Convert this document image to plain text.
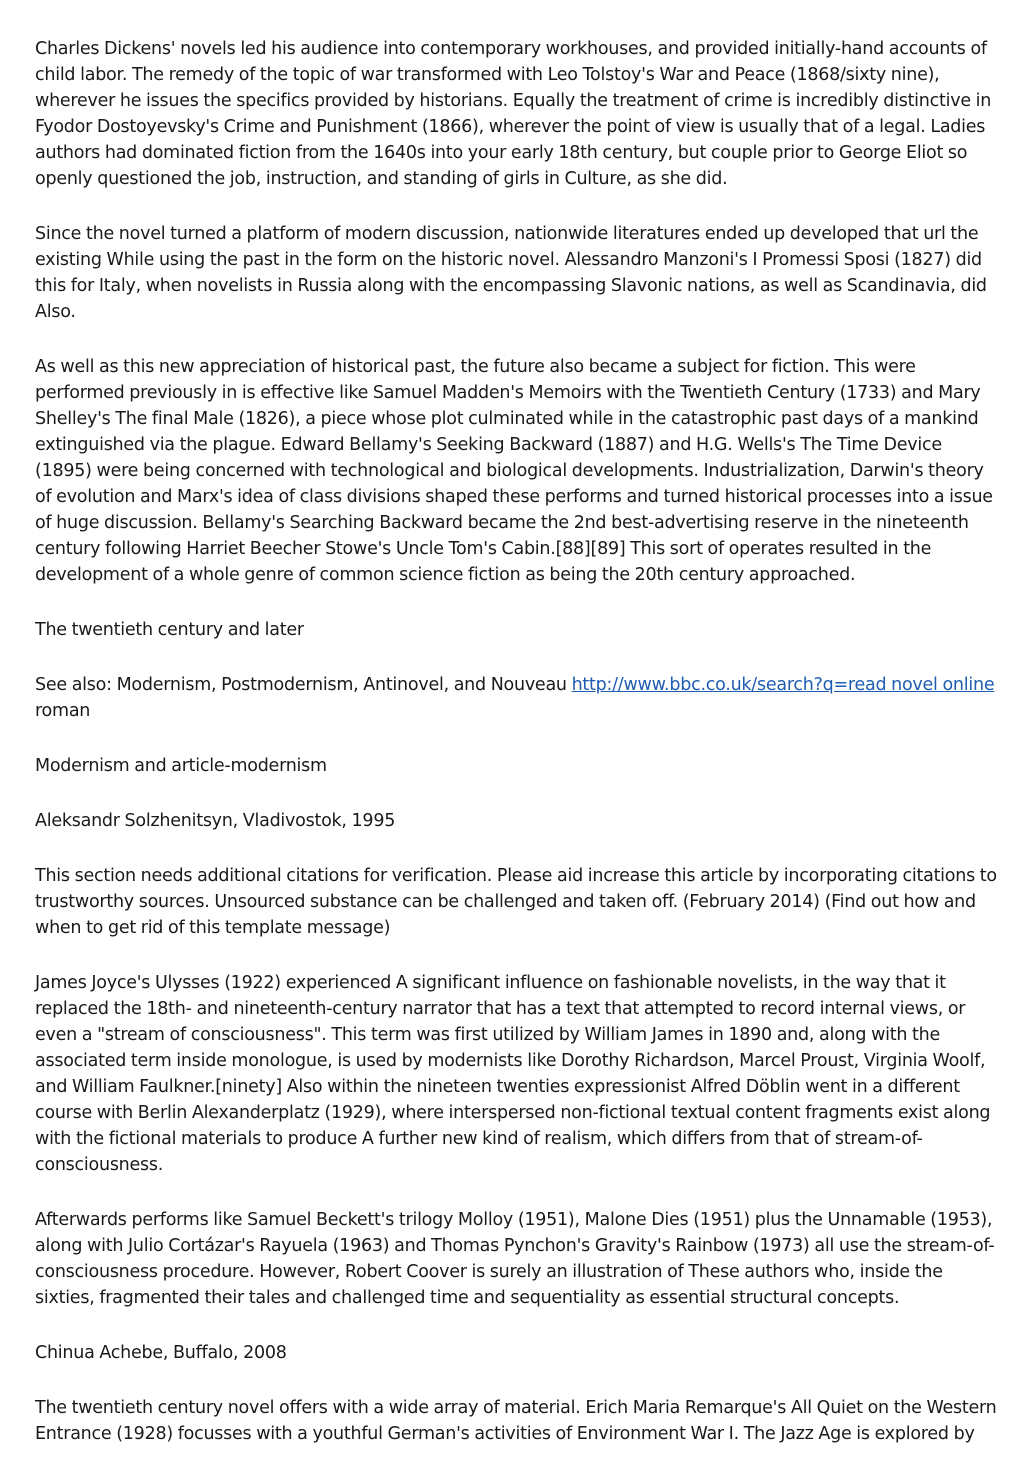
Charles Dickens' novels led his audience into contemporary workhouses, and provided initially-hand accounts of child labor. The remedy of the topic of war transformed with Leo Tolstoy's War and Peace (1868/sixty nine), wherever he issues the specifics provided by historians. Equally the treatment of crime is incredibly distinctive in Fyodor Dostoyevsky's Crime and Punishment (1866), wherever the point of view is usually that of a legal. Ladies authors had dominated fiction from the 1640s into your early 18th century, but couple prior to George Eliot so openly questioned the job, instruction, and standing of girls in Culture, as she did.

Since the novel turned a platform of modern discussion, nationwide literatures ended up developed that url the existing While using the past in the form on the historic novel. Alessandro Manzoni's I Promessi Sposi (1827) did this for Italy, when novelists in Russia along with the encompassing Slavonic nations, as well as Scandinavia, did Also.

As well as this new appreciation of historical past, the future also became a subject for fiction. This were performed previously in is effective like Samuel Madden's Memoirs with the Twentieth Century (1733) and Mary Shelley's The final Male (1826), a piece whose plot culminated while in the catastrophic past days of a mankind extinguished via the plague. Edward Bellamy's Seeking Backward (1887) and H.G. Wells's The Time Device (1895) were being concerned with technological and biological developments. Industrialization, Darwin's theory of evolution and Marx's idea of class divisions shaped these performs and turned historical processes into a issue of huge discussion. Bellamy's Searching Backward became the 2nd best-advertising reserve in the nineteenth century following Harriet Beecher Stowe's Uncle Tom's Cabin.[88][89] This sort of operates resulted in the development of a whole genre of common science fiction as being the 20th century approached.

The twentieth century and later

See also: Modernism, Postmodernism, Antinovel, and Nouveau http://www.bbc.co.uk/search?q=read novel online roman

Modernism and article-modernism

Aleksandr Solzhenitsyn, Vladivostok, 1995

This section needs additional citations for verification. Please aid increase this article by incorporating citations to trustworthy sources. Unsourced substance can be challenged and taken off. (February 2014) (Find out how and when to get rid of this template message)

James Joyce's Ulysses (1922) experienced A significant influence on fashionable novelists, in the way that it replaced the 18th- and nineteenth-century narrator that has a text that attempted to record internal views, or even a "stream of consciousness". This term was first utilized by William James in 1890 and, along with the associated term inside monologue, is used by modernists like Dorothy Richardson, Marcel Proust, Virginia Woolf, and William Faulkner.[ninety] Also within the nineteen twenties expressionist Alfred Döblin went in a different course with Berlin Alexanderplatz (1929), where interspersed non-fictional textual content fragments exist along with the fictional materials to produce A further new kind of realism, which differs from that of stream-of-consciousness.

Afterwards performs like Samuel Beckett's trilogy Molloy (1951), Malone Dies (1951) plus the Unnamable (1953), along with Julio Cortázar's Rayuela (1963) and Thomas Pynchon's Gravity's Rainbow (1973) all use the stream-of-consciousness procedure. However, Robert Coover is surely an illustration of These authors who, inside the sixties, fragmented their tales and challenged time and sequentiality as essential structural concepts.

Chinua Achebe, Buffalo, 2008

The twentieth century novel offers with a wide array of material. Erich Maria Remarque's All Quiet on the Western Entrance (1928) focusses with a youthful German's activities of Environment War I. The Jazz Age is explored by
